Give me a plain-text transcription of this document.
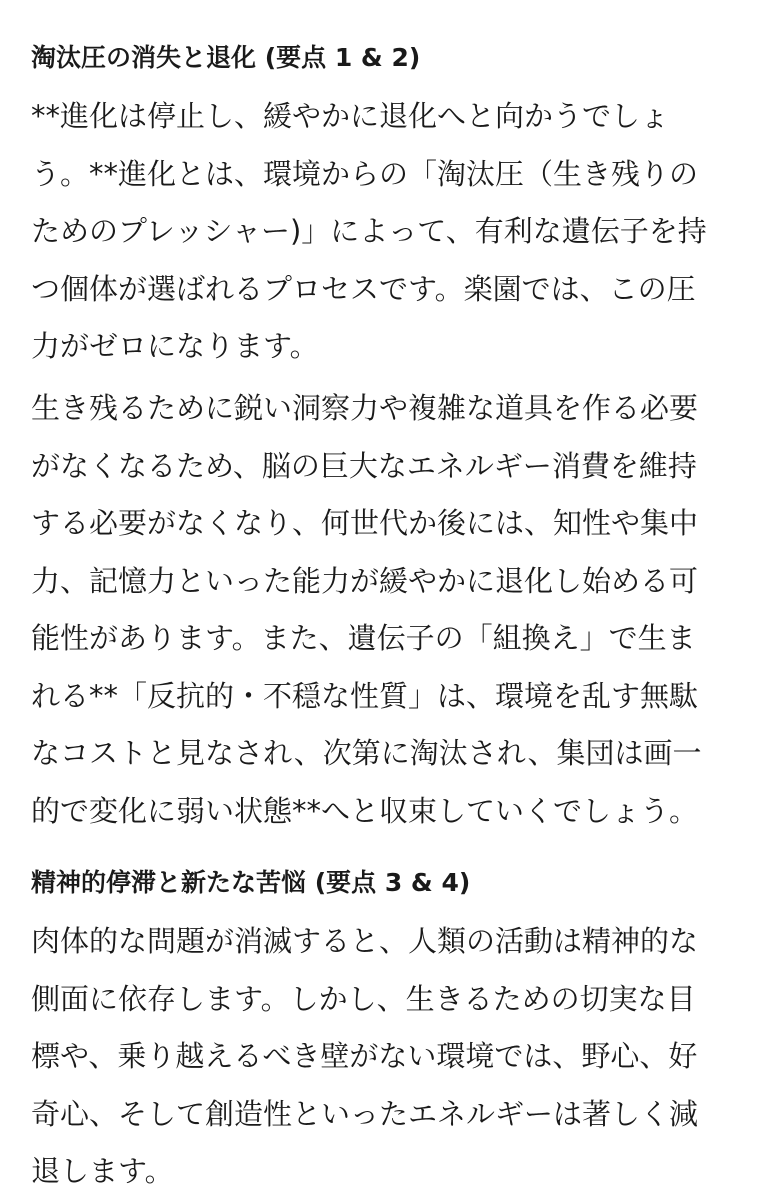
淘汰圧の消失と退化 (要点 1 & 2)
**進化は停止し、緩やかに退化へと向かうでしょ
う。**進化とは、環境からの「淘汰圧（生き残りの
ためのプレッシャー)」によって、有利な遺伝子を持
つ個体が選ばれるプロセスです。楽園では、この圧
力がゼロになります。
生き残るために鋭い洞察力や複雑な道具を作る必要
がなくなるため、脳の巨大なエネルギー消費を維持
する必要がなくなり、何世代か後には、知性や集中
力、記憶力といった能力が緩やかに退化し始める可
能性があります。また、遺伝子の「組換え」で生ま
れる**「反抗的・不穏な性質」は、環境を乱す無駄
なコストと見なされ、次第に淘汰され、集団は画一
的で変化に弱い状態**へと収束していくでしょう。
精神的停滞と新たな苦悩 (要点 3 & 4)
肉体的な問題が消滅すると、人類の活動は精神的な
側面に依存します。しかし、生きるための切実な目
標や、乗り越えるべき壁がない環境では、野心、好
奇心、そして創造性といったエネルギーは著しく減
退します。
